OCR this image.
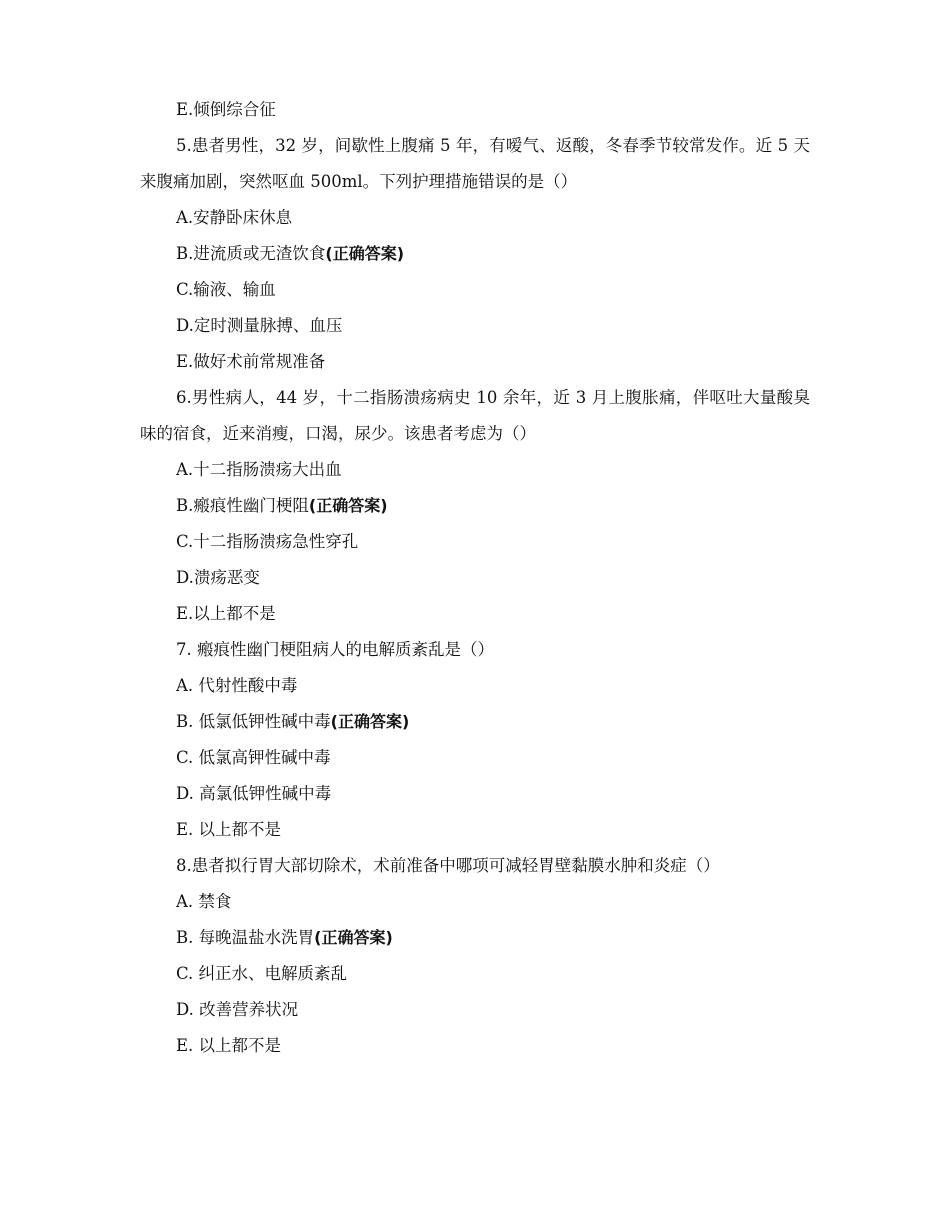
E.倾倒综合征

5.患者男性，32 岁，间歇性上腹痛 5 年，有嗳气、返酸，冬春季节较常发作。近 5 天来腹痛加剧，突然呕血 500ml。下列护理措施错误的是（）

A.安静卧床休息
B.进流质或无渣饮食(正确答案)
C.输液、输血
D.定时测量脉搏、血压
E.做好术前常规准备

6.男性病人，44 岁，十二指肠溃疡病史 10 余年，近 3 月上腹胀痛，伴呕吐大量酸臭味的宿食，近来消瘦，口渴，尿少。该患者考虑为（）

A.十二指肠溃疡大出血
B.瘢痕性幽门梗阻(正确答案)
C.十二指肠溃疡急性穿孔
D.溃疡恶变
E.以上都不是
7. 瘢痕性幽门梗阻病人的电解质紊乱是（）
A. 代射性酸中毒
B. 低氯低钾性碱中毒(正确答案)
C. 低氯高钾性碱中毒
D. 高氯低钾性碱中毒
E. 以上都不是
8.患者拟行胃大部切除术，术前准备中哪项可减轻胃壁黏膜水肿和炎症（）
A. 禁食
B. 每晚温盐水洗胃(正确答案)
C. 纠正水、电解质紊乱
D. 改善营养状况
E. 以上都不是
